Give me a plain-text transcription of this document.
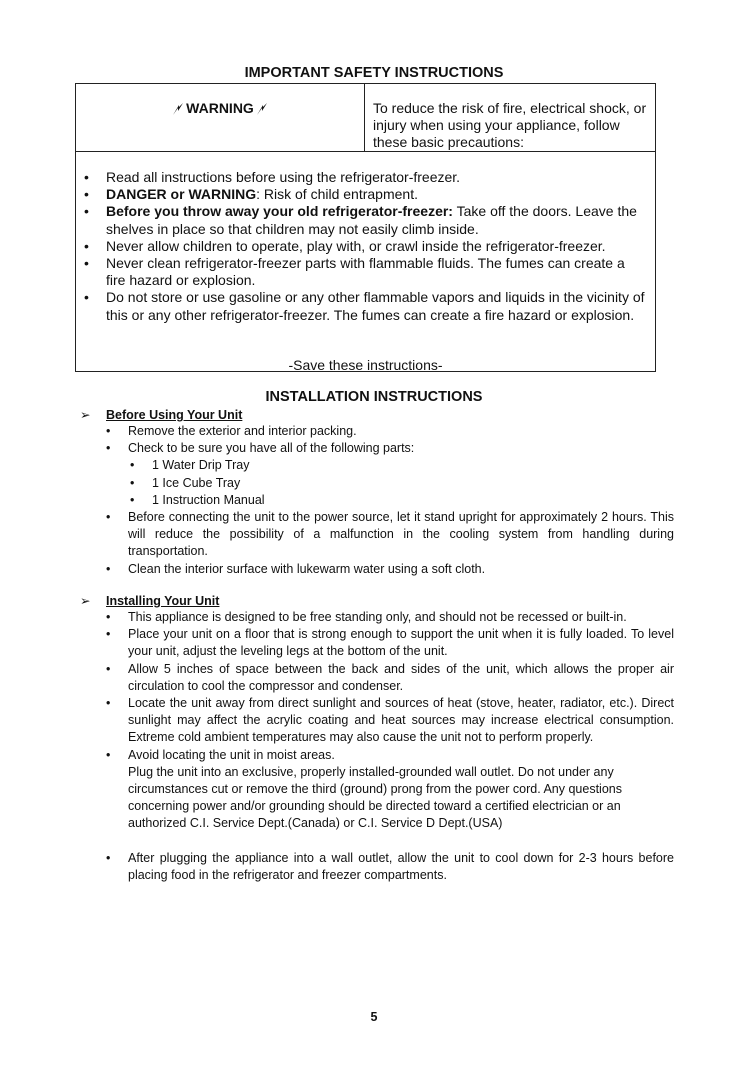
IMPORTANT SAFETY INSTRUCTIONS
WARNING	To reduce the risk of fire, electrical shock, or injury when using your appliance, follow these basic precautions:
• Read all instructions before using the refrigerator-freezer.
• DANGER or WARNING: Risk of child entrapment.
• Before you throw away your old refrigerator-freezer: Take off the doors. Leave the shelves in place so that children may not easily climb inside.
• Never allow children to operate, play with, or crawl inside the refrigerator-freezer.
• Never clean refrigerator-freezer parts with flammable fluids. The fumes can create a fire hazard or explosion.
• Do not store or use gasoline or any other flammable vapors and liquids in the vicinity of this or any other refrigerator-freezer. The fumes can create a fire hazard or explosion.
-Save these instructions-
INSTALLATION INSTRUCTIONS
➢ Before Using Your Unit
• Remove the exterior and interior packing.
• Check to be sure you have all of the following parts:
• 1 Water Drip Tray
• 1 Ice Cube Tray
• 1 Instruction Manual
• Before connecting the unit to the power source, let it stand upright for approximately 2 hours. This will reduce the possibility of a malfunction in the cooling system from handling during transportation.
• Clean the interior surface with lukewarm water using a soft cloth.
➢ Installing Your Unit
• This appliance is designed to be free standing only, and should not be recessed or built-in.
• Place your unit on a floor that is strong enough to support the unit when it is fully loaded. To level your unit, adjust the leveling legs at the bottom of the unit.
• Allow 5 inches of space between the back and sides of the unit, which allows the proper air circulation to cool the compressor and condenser.
• Locate the unit away from direct sunlight and sources of heat (stove, heater, radiator, etc.). Direct sunlight may affect the acrylic coating and heat sources may increase electrical consumption. Extreme cold ambient temperatures may also cause the unit not to perform properly.
• Avoid locating the unit in moist areas.
Plug the unit into an exclusive, properly installed-grounded wall outlet. Do not under any circumstances cut or remove the third (ground) prong from the power cord. Any questions concerning power and/or grounding should be directed toward a certified electrician or an authorized C.I. Service Dept.(Canada) or C.I. Service D Dept.(USA)
• After plugging the appliance into a wall outlet, allow the unit to cool down for 2-3 hours before placing food in the refrigerator and freezer compartments.
5
